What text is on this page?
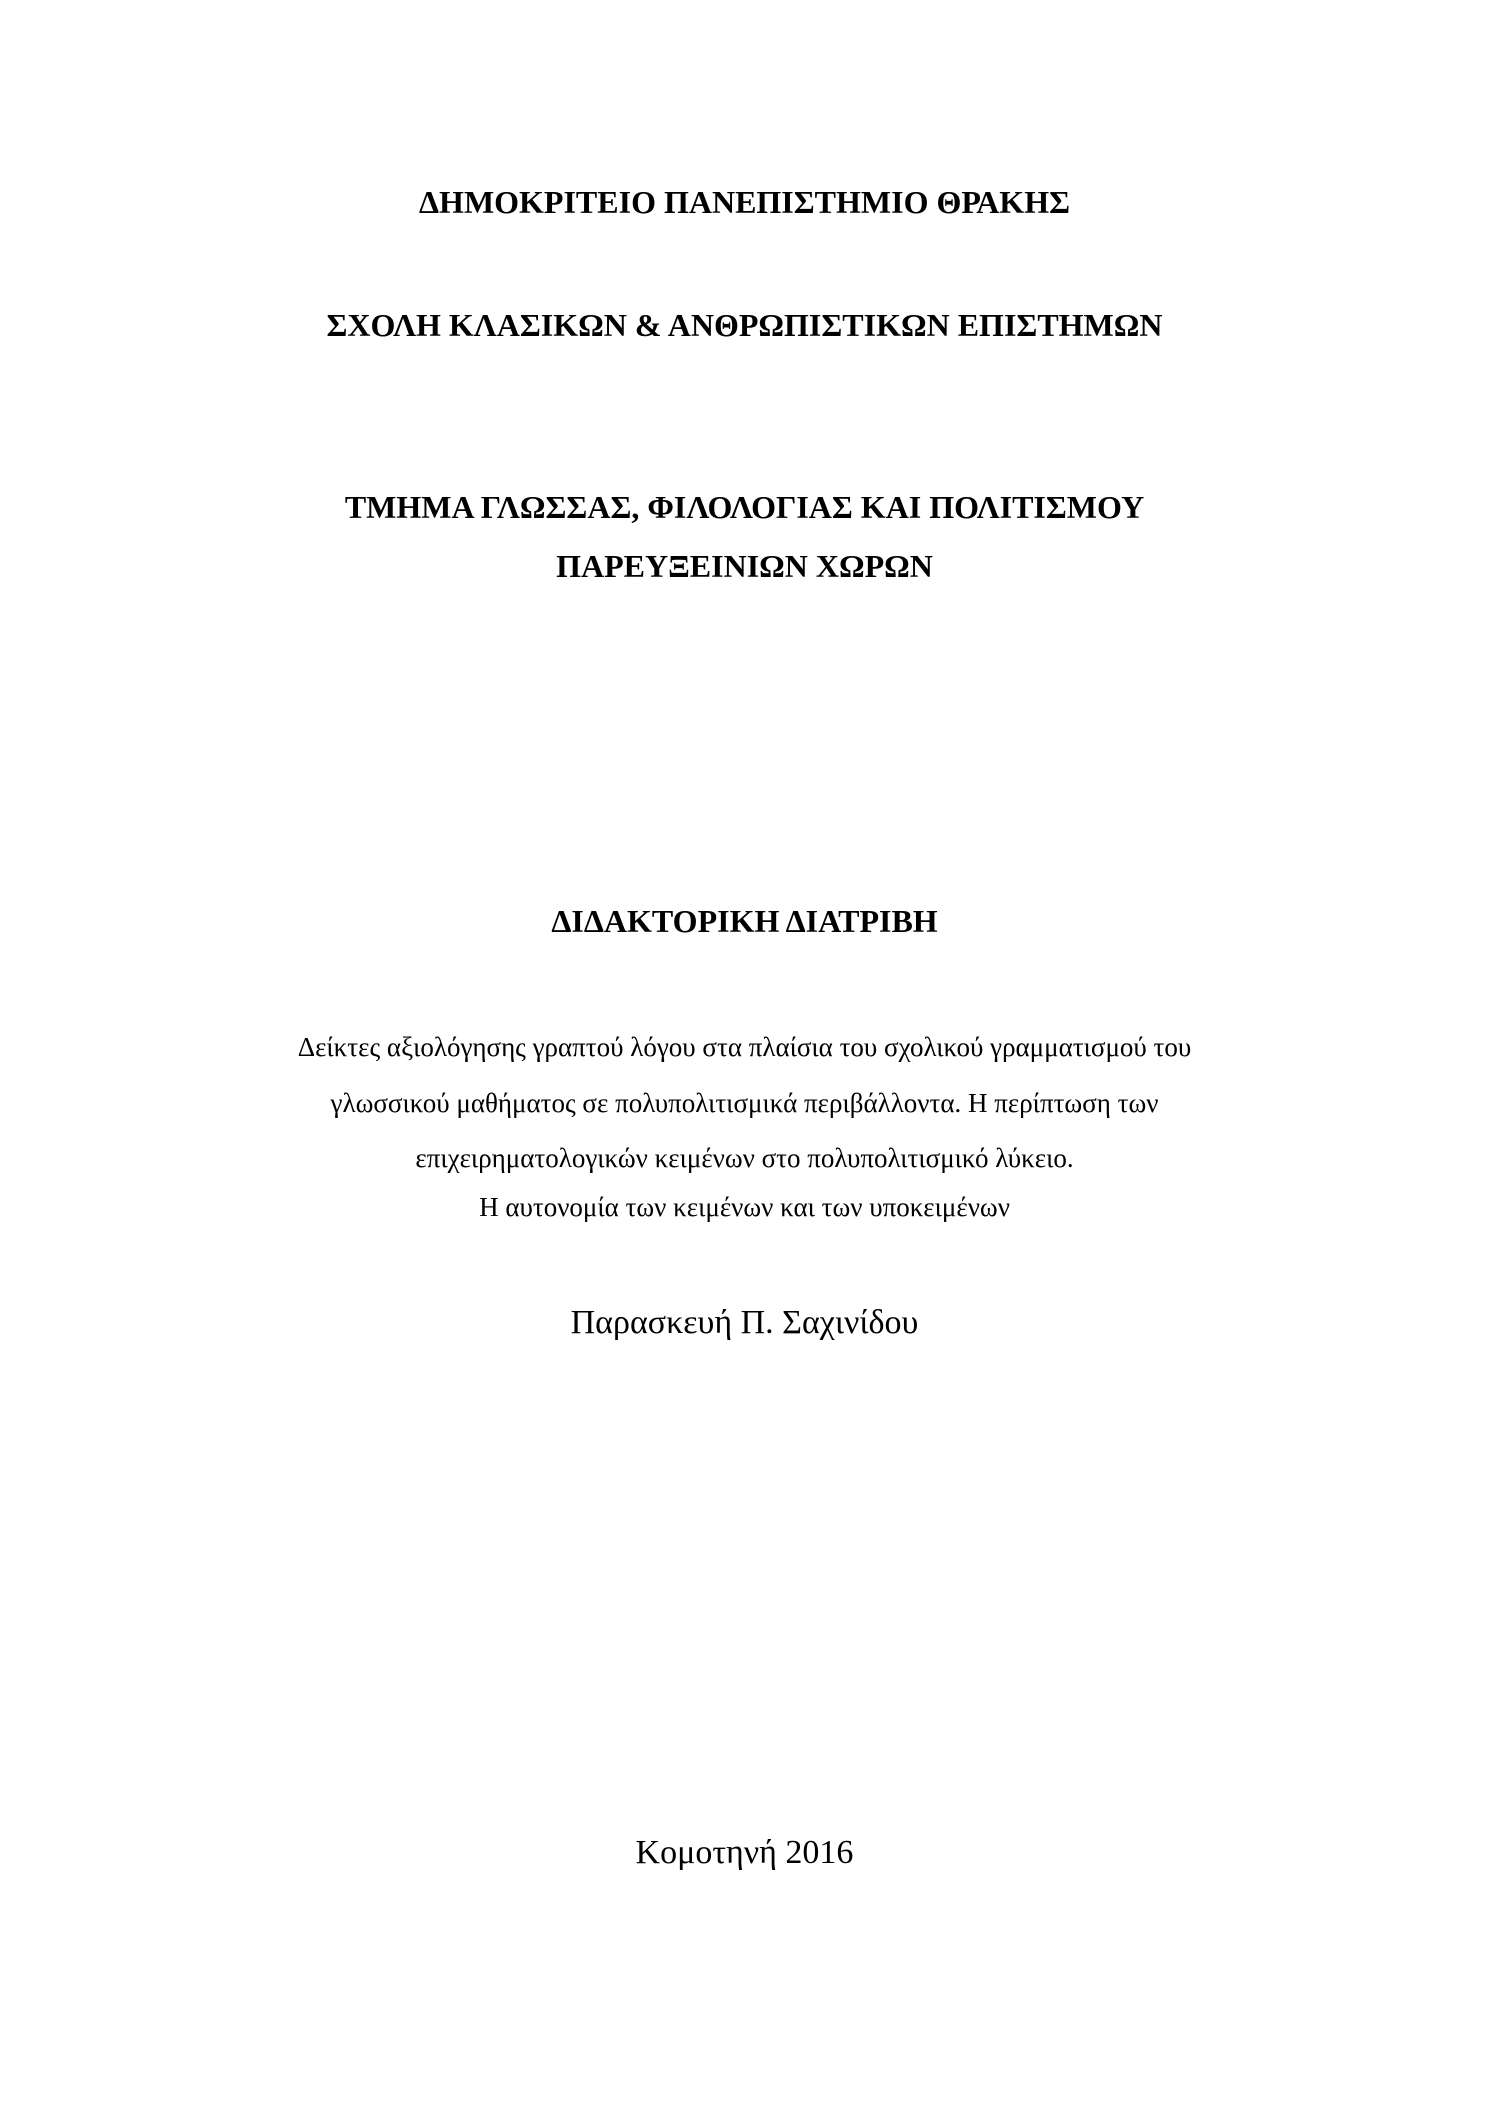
ΔΗΜΟΚΡΙΤΕΙΟ ΠΑΝΕΠΙΣΤΗΜΙΟ ΘΡΑΚΗΣ
ΣΧΟΛΗ ΚΛΑΣΙΚΩΝ & ΑΝΘΡΩΠΙΣΤΙΚΩΝ ΕΠΙΣΤΗΜΩΝ
ΤΜΗΜΑ ΓΛΩΣΣΑΣ, ΦΙΛΟΛΟΓΙΑΣ ΚΑΙ ΠΟΛΙΤΙΣΜΟΥ
ΠΑΡΕΥΞΕΙΝΙΩΝ ΧΩΡΩΝ
ΔΙΔΑΚΤΟΡΙΚΗ ΔΙΑΤΡΙΒΗ
Δείκτες αξιολόγησης γραπτού λόγου στα πλαίσια του σχολικού γραμματισμού του
γλωσσικού μαθήματος σε πολυπολιτισμικά περιβάλλοντα. Η περίπτωση των
επιχειρηματολογικών κειμένων στο πολυπολιτισμικό λύκειο.
Η αυτονομία των κειμένων και των υποκειμένων
Παρασκευή Π. Σαχινίδου
Κομοτηνή 2016
